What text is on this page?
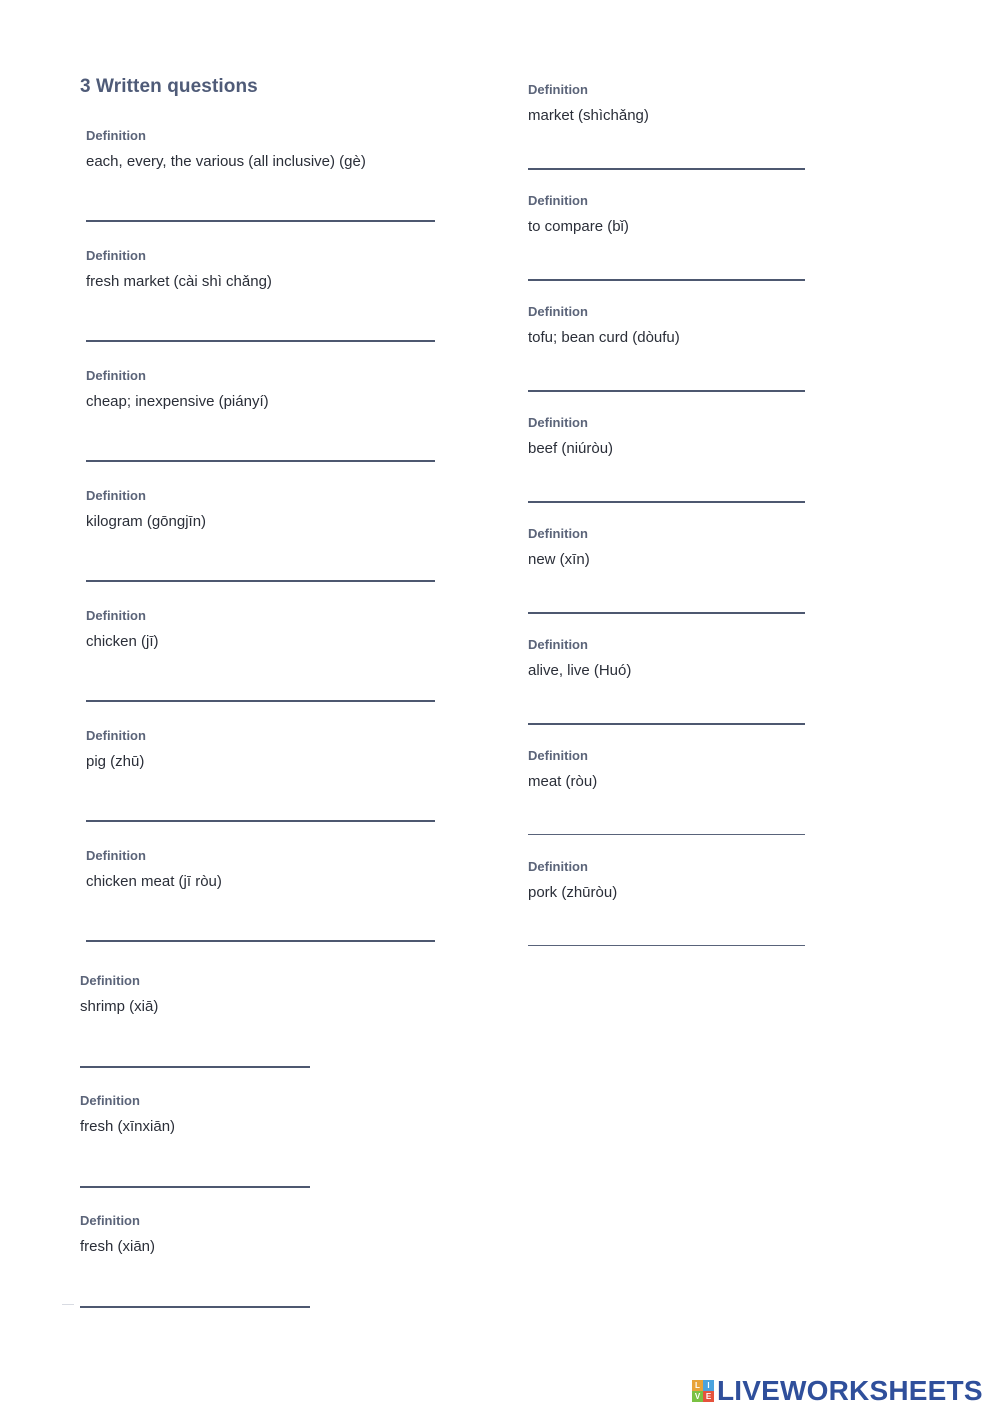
3 Written questions
Definition
each, every, the various (all inclusive) (gè)
Definition
fresh market (cài shì chǎng)
Definition
cheap; inexpensive (piányí)
Definition
kilogram (gōngjīn)
Definition
chicken (jī)
Definition
pig (zhū)
Definition
chicken meat (jī ròu)
Definition
shrimp (xiā)
Definition
fresh (xīnxiān)
Definition
fresh (xiān)
Definition
market (shìchǎng)
Definition
to compare (bǐ)
Definition
tofu; bean curd (dòufu)
Definition
beef (niúròu)
Definition
new (xīn)
Definition
alive, live (Huó)
Definition
meat (ròu)
Definition
pork (zhūròu)
L I
V E LIVEWORKSHEETS
